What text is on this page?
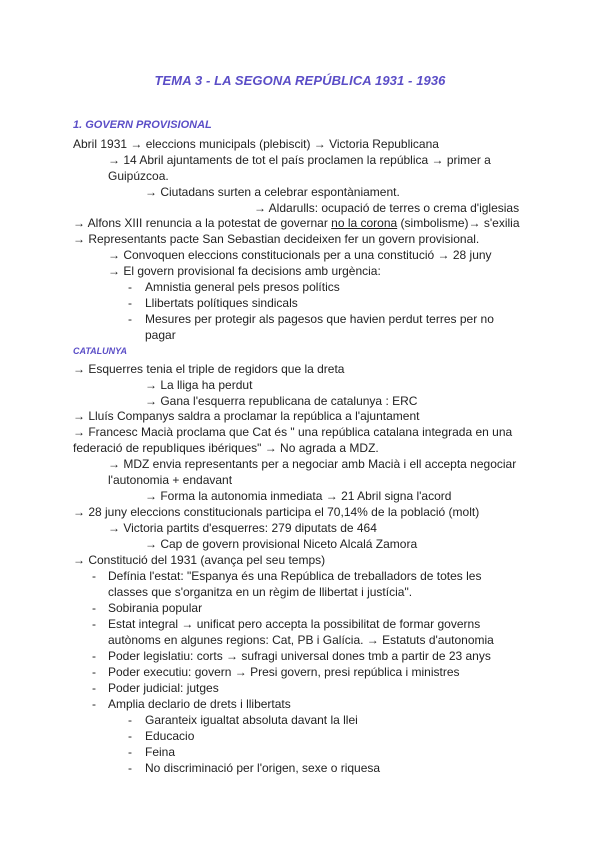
TEMA 3 - LA SEGONA REPÚBLICA 1931 - 1936
1. GOVERN PROVISIONAL
Abril 1931 → eleccions municipals (plebiscit) → Victoria Republicana
→ 14 Abril ajuntaments de tot el país proclamen la república → primer a
Guipúzcoa.
→ Ciutadans surten a celebrar espontàniament.
→ Aldarulls: ocupació de terres o crema d'iglesias
→ Alfons XIII renuncia a la potestat de governar no la corona (simbolisme)→ s'exilia
→ Representants pacte San Sebastian decideixen fer un govern provisional.
→ Convoquen eleccions constitucionals per a una constitució → 28 juny
→ El govern provisional fa decisions amb urgència:
- Amnistia general pels presos polítics
- Llibertats polítiques sindicals
- Mesures per protegir als pagesos que havien perdut terres per no
pagar
CATALUNYA
→ Esquerres tenia el triple de regidors que la dreta
→ La lliga ha perdut
→ Gana l'esquerra republicana de catalunya : ERC
→ Lluís Companys saldra a proclamar la república a l'ajuntament
→ Francesc Macià proclama que Cat és " una república catalana integrada en una
federació de repubIiques ibériques" → No agrada a MDZ.
→ MDZ envia representants per a negociar amb Macià i ell accepta negociar
l'autonomia + endavant
→ Forma la autonomia inmediata → 21 Abril signa l'acord
→ 28 juny eleccions constitucionals participa el 70,14% de la població (molt)
→ Victoria partits d'esquerres: 279 diputats de 464
→ Cap de govern provisional Niceto Alcalá Zamora
→ Constitució del 1931 (avança pel seu temps)
- Defínia l'estat: "Espanya és una República de treballadors de totes les
classes que s'organitza en un règim de llibertat i justícia".
- Sobirania popular
- Estat integral → unificat pero accepta la possibilitat de formar governs
autònoms en algunes regions: Cat, PB i Galícia. → Estatuts d'autonomia
- Poder legislatiu: corts → sufragi universal dones tmb a partir de 23 anys
- Poder executiu: govern → Presi govern, presi república i ministres
- Poder judicial: jutges
- Amplia declario de drets i llibertats
- Garanteix igualtat absoluta davant la llei
- Educacio
- Feina
- No discriminació per l'origen, sexe o riquesa
